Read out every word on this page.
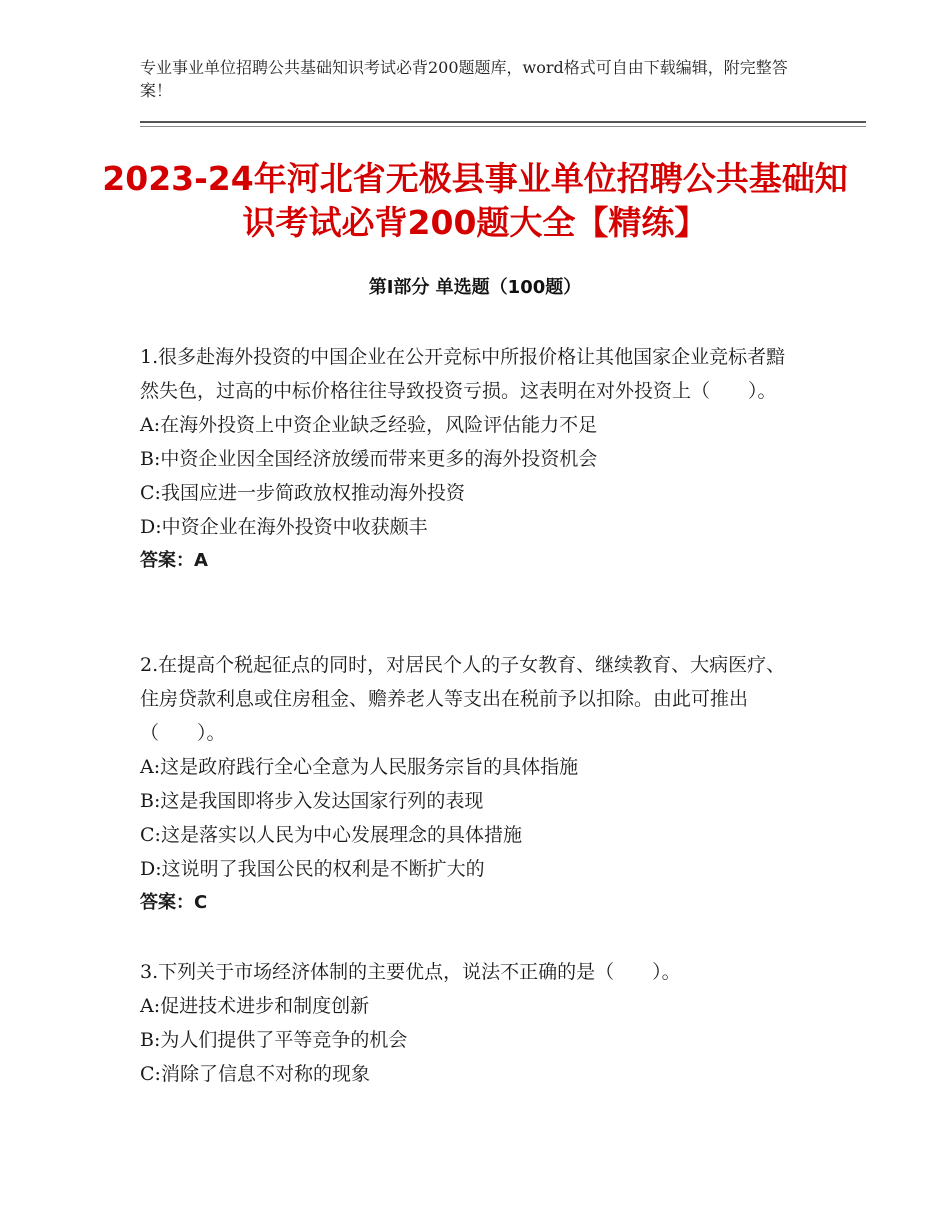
专业事业单位招聘公共基础知识考试必背200题题库，word格式可自由下载编辑，附完整答案！
2023-24年河北省无极县事业单位招聘公共基础知识考试必背200题大全【精练】
第Ⅰ部分 单选题（100题）

1.很多赴海外投资的中国企业在公开竞标中所报价格让其他国家企业竞标者黯然失色，过高的中标价格往往导致投资亏损。这表明在对外投资上（　　）。

A:在海外投资上中资企业缺乏经验，风险评估能力不足

B:中资企业因全国经济放缓而带来更多的海外投资机会

C:我国应进一步简政放权推动海外投资

D:中资企业在海外投资中收获颇丰

答案：A

2.在提高个税起征点的同时，对居民个人的子女教育、继续教育、大病医疗、住房贷款利息或住房租金、赡养老人等支出在税前予以扣除。由此可推出（　　）。

A:这是政府践行全心全意为人民服务宗旨的具体指施

B:这是我国即将步入发达国家行列的表现

C:这是落实以人民为中心发展理念的具体措施

D:这说明了我国公民的权利是不断扩大的

答案：C

3.下列关于市场经济体制的主要优点，说法不正确的是（　　）。

A:促进技术进步和制度创新

B:为人们提供了平等竞争的机会

C:消除了信息不对称的现象
